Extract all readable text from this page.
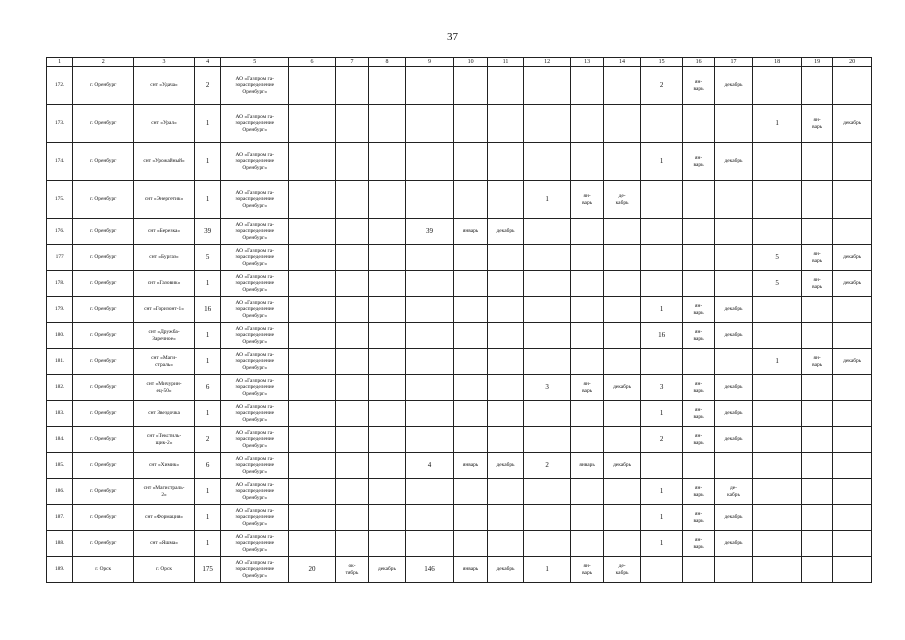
37
1	2	3	4	5	6	7	8	9	10	11	12	13	14	15	16	17	18	19	20
172.	г. Оренбург	снт «Удача»	2	АО «Газпром га-
зораспределение
Оренбург»										2	ян-
варь	декабрь			
173.	г. Оренбург	снт «Урал»	1	АО «Газпром га-
зораспределение
Оренбург»													1	ян-
варь	декабрь
174.	г. Оренбург	снт «Урожайный»	1	АО «Газпром га-
зораспределение
Оренбург»										1	ян-
варь	декабрь			
175.	г. Оренбург	снт «Энергетик»	1	АО «Газпром га-
зораспределение
Оренбург»							1	ян-
варь	де-
кабрь						
176.	г. Оренбург	снт «Березка»	39	АО «Газпром га-
зораспределение
Оренбург»				39	январь	декабрь									
177	г. Оренбург	снт «Бургаз»	5	АО «Газпром га-
зораспределение
Оренбург»													5	ян-
варь	декабрь
178.	г. Оренбург	снт «Газовик»	1	АО «Газпром га-
зораспределение
Оренбург»													5	ян-
варь	декабрь
179.	г. Оренбург	снт «Горизонт-1»	16	АО «Газпром га-
зораспределение
Оренбург»										1	ян-
варь	декабрь			
180.	г. Оренбург	снт «Дружба-
Заречное»	1	АО «Газпром га-
зораспределение
Оренбург»										16	ян-
варь	декабрь			
181.	г. Оренбург	снт «Маги-
страль»	1	АО «Газпром га-
зораспределение
Оренбург»													1	ян-
варь	декабрь
182.	г. Оренбург	снт «Мичурин-
ец-50»	6	АО «Газпром га-
зораспределение
Оренбург»							3	ян-
варь	декабрь	3	ян-
варь	декабрь			
183.	г. Оренбург	снт Звездочка	1	АО «Газпром га-
зораспределение
Оренбург»										1	ян-
варь	декабрь			
184.	г. Оренбург	снт «Текстиль-
щик-2»	2	АО «Газпром га-
зораспределение
Оренбург»										2	ян-
варь	декабрь			
185.	г. Оренбург	снт «Химик»	6	АО «Газпром га-
зораспределение
Оренбург»				4	январь	декабрь	2	январь	декабрь						
186.	г. Оренбург	снт «Магистраль-
2»	1	АО «Газпром га-
зораспределение
Оренбург»										1	ян-
варь	де-
кабрь			
187.	г. Оренбург	снт «Формация»	1	АО «Газпром га-
зораспределение
Оренбург»										1	ян-
варь	декабрь			
188.	г. Оренбург	снт «Яшма»	1	АО «Газпром га-
зораспределение
Оренбург»										1	ян-
варь	декабрь			
189.	г. Орск	г. Орск	175	АО «Газпром га-
зораспределение
Оренбург»	20	ок-
тябрь	декабрь	146	январь	декабрь	1	ян-
варь	де-
кабрь						
